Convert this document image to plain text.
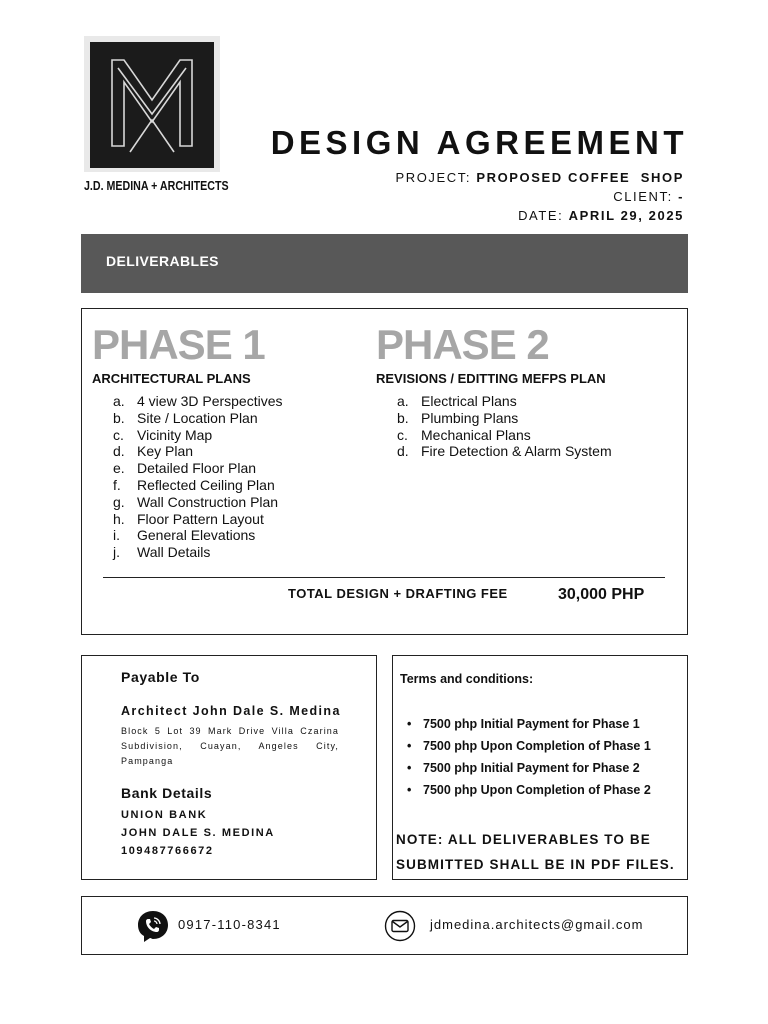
J.D. MEDINA + ARCHITECTS
DESIGN AGREEMENT
PROJECT: PROPOSED COFFEE  SHOP
CLIENT: -
DATE: APRIL 29, 2025
DELIVERABLES
PHASE 1	PHASE 2
ARCHITECTURAL PLANS	REVISIONS / EDITTING MEFPS PLAN
a. 4 view 3D Perspectives
b. Site / Location Plan
c. Vicinity Map
d. Key Plan
e. Detailed Floor Plan
f.	Reflected Ceiling Plan
g. Wall Construction Plan
h. Floor Pattern Layout
i.	General Elevations
j.	Wall Details
a. Electrical Plans
b. Plumbing Plans
c. Mechanical Plans
d. Fire Detection & Alarm System
TOTAL DESIGN + DRAFTING FEE	30,000 PHP
Payable To
Architect John Dale S. Medina
Block 5 Lot 39 Mark Drive Villa Czarina Subdivision, Cuayan, Angeles City, Pampanga
Bank Details
UNION BANK
JOHN DALE S. MEDINA
109487766672
Terms and conditions:
• 7500 php Initial Payment for Phase 1
• 7500 php Upon Completion of Phase 1
• 7500 php Initial Payment for Phase 2
• 7500 php Upon Completion of Phase 2
NOTE: ALL DELIVERABLES TO BE SUBMITTED SHALL BE IN PDF FILES.
0917-110-8341	jdmedina.architects@gmail.com
